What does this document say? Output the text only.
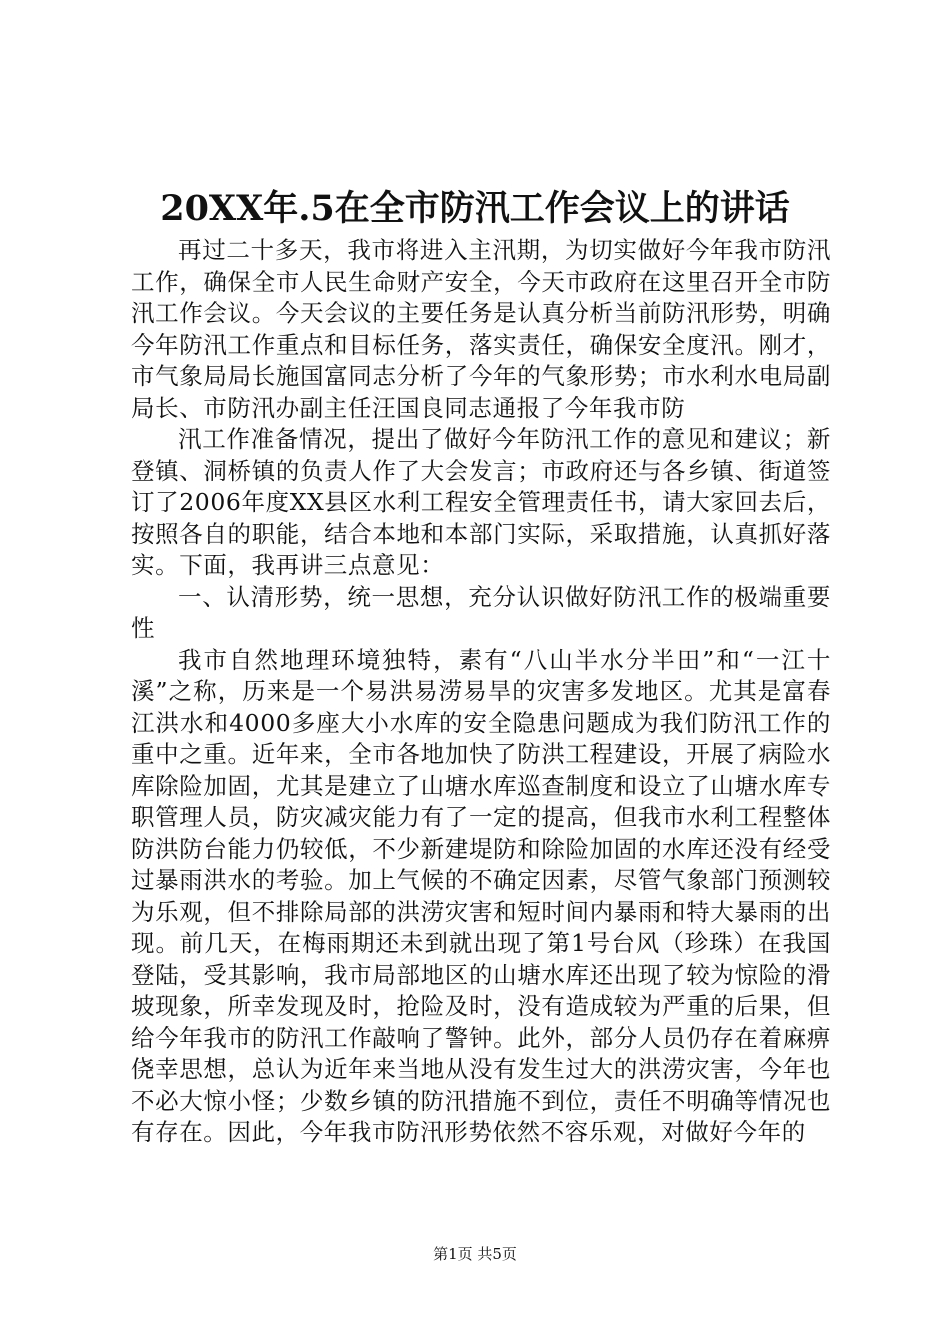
20XX年.5在全市防汛工作会议上的讲话

再过二十多天，我市将进入主汛期，为切实做好今年我市防汛工作，确保全市人民生命财产安全，今天市政府在这里召开全市防汛工作会议。今天会议的主要任务是认真分析当前防汛形势，明确今年防汛工作重点和目标任务，落实责任，确保安全度汛。刚才，市气象局局长施国富同志分析了今年的气象形势；市水利水电局副局长、市防汛办副主任汪国良同志通报了今年我市防

汛工作准备情况，提出了做好今年防汛工作的意见和建议；新登镇、洞桥镇的负责人作了大会发言；市政府还与各乡镇、街道签订了2006年度XX县区水利工程安全管理责任书，请大家回去后，按照各自的职能，结合本地和本部门实际，采取措施，认真抓好落实。下面，我再讲三点意见：

一、认清形势，统一思想，充分认识做好防汛工作的极端重要性

我市自然地理环境独特，素有“八山半水分半田”和“一江十溪”之称，历来是一个易洪易涝易旱的灾害多发地区。尤其是富春江洪水和4000多座大小水库的安全隐患问题成为我们防汛工作的重中之重。近年来，全市各地加快了防洪工程建设，开展了病险水库除险加固，尤其是建立了山塘水库巡查制度和设立了山塘水库专职管理人员，防灾减灾能力有了一定的提高，但我市水利工程整体防洪防台能力仍较低，不少新建堤防和除险加固的水库还没有经受过暴雨洪水的考验。加上气候的不确定因素，尽管气象部门预测较为乐观，但不排除局部的洪涝灾害和短时间内暴雨和特大暴雨的出现。前几天，在梅雨期还未到就出现了第1号台风（珍珠）在我国登陆，受其影响，我市局部地区的山塘水库还出现了较为惊险的滑坡现象，所幸发现及时，抢险及时，没有造成较为严重的后果，但给今年我市的防汛工作敲响了警钟。此外，部分人员仍存在着麻痹侥幸思想，总认为近年来当地从没有发生过大的洪涝灾害，今年也不必大惊小怪；少数乡镇的防汛措施不到位，责任不明确等情况也有存在。因此，今年我市防汛形势依然不容乐观，对做好今年的

第1页 共5页
